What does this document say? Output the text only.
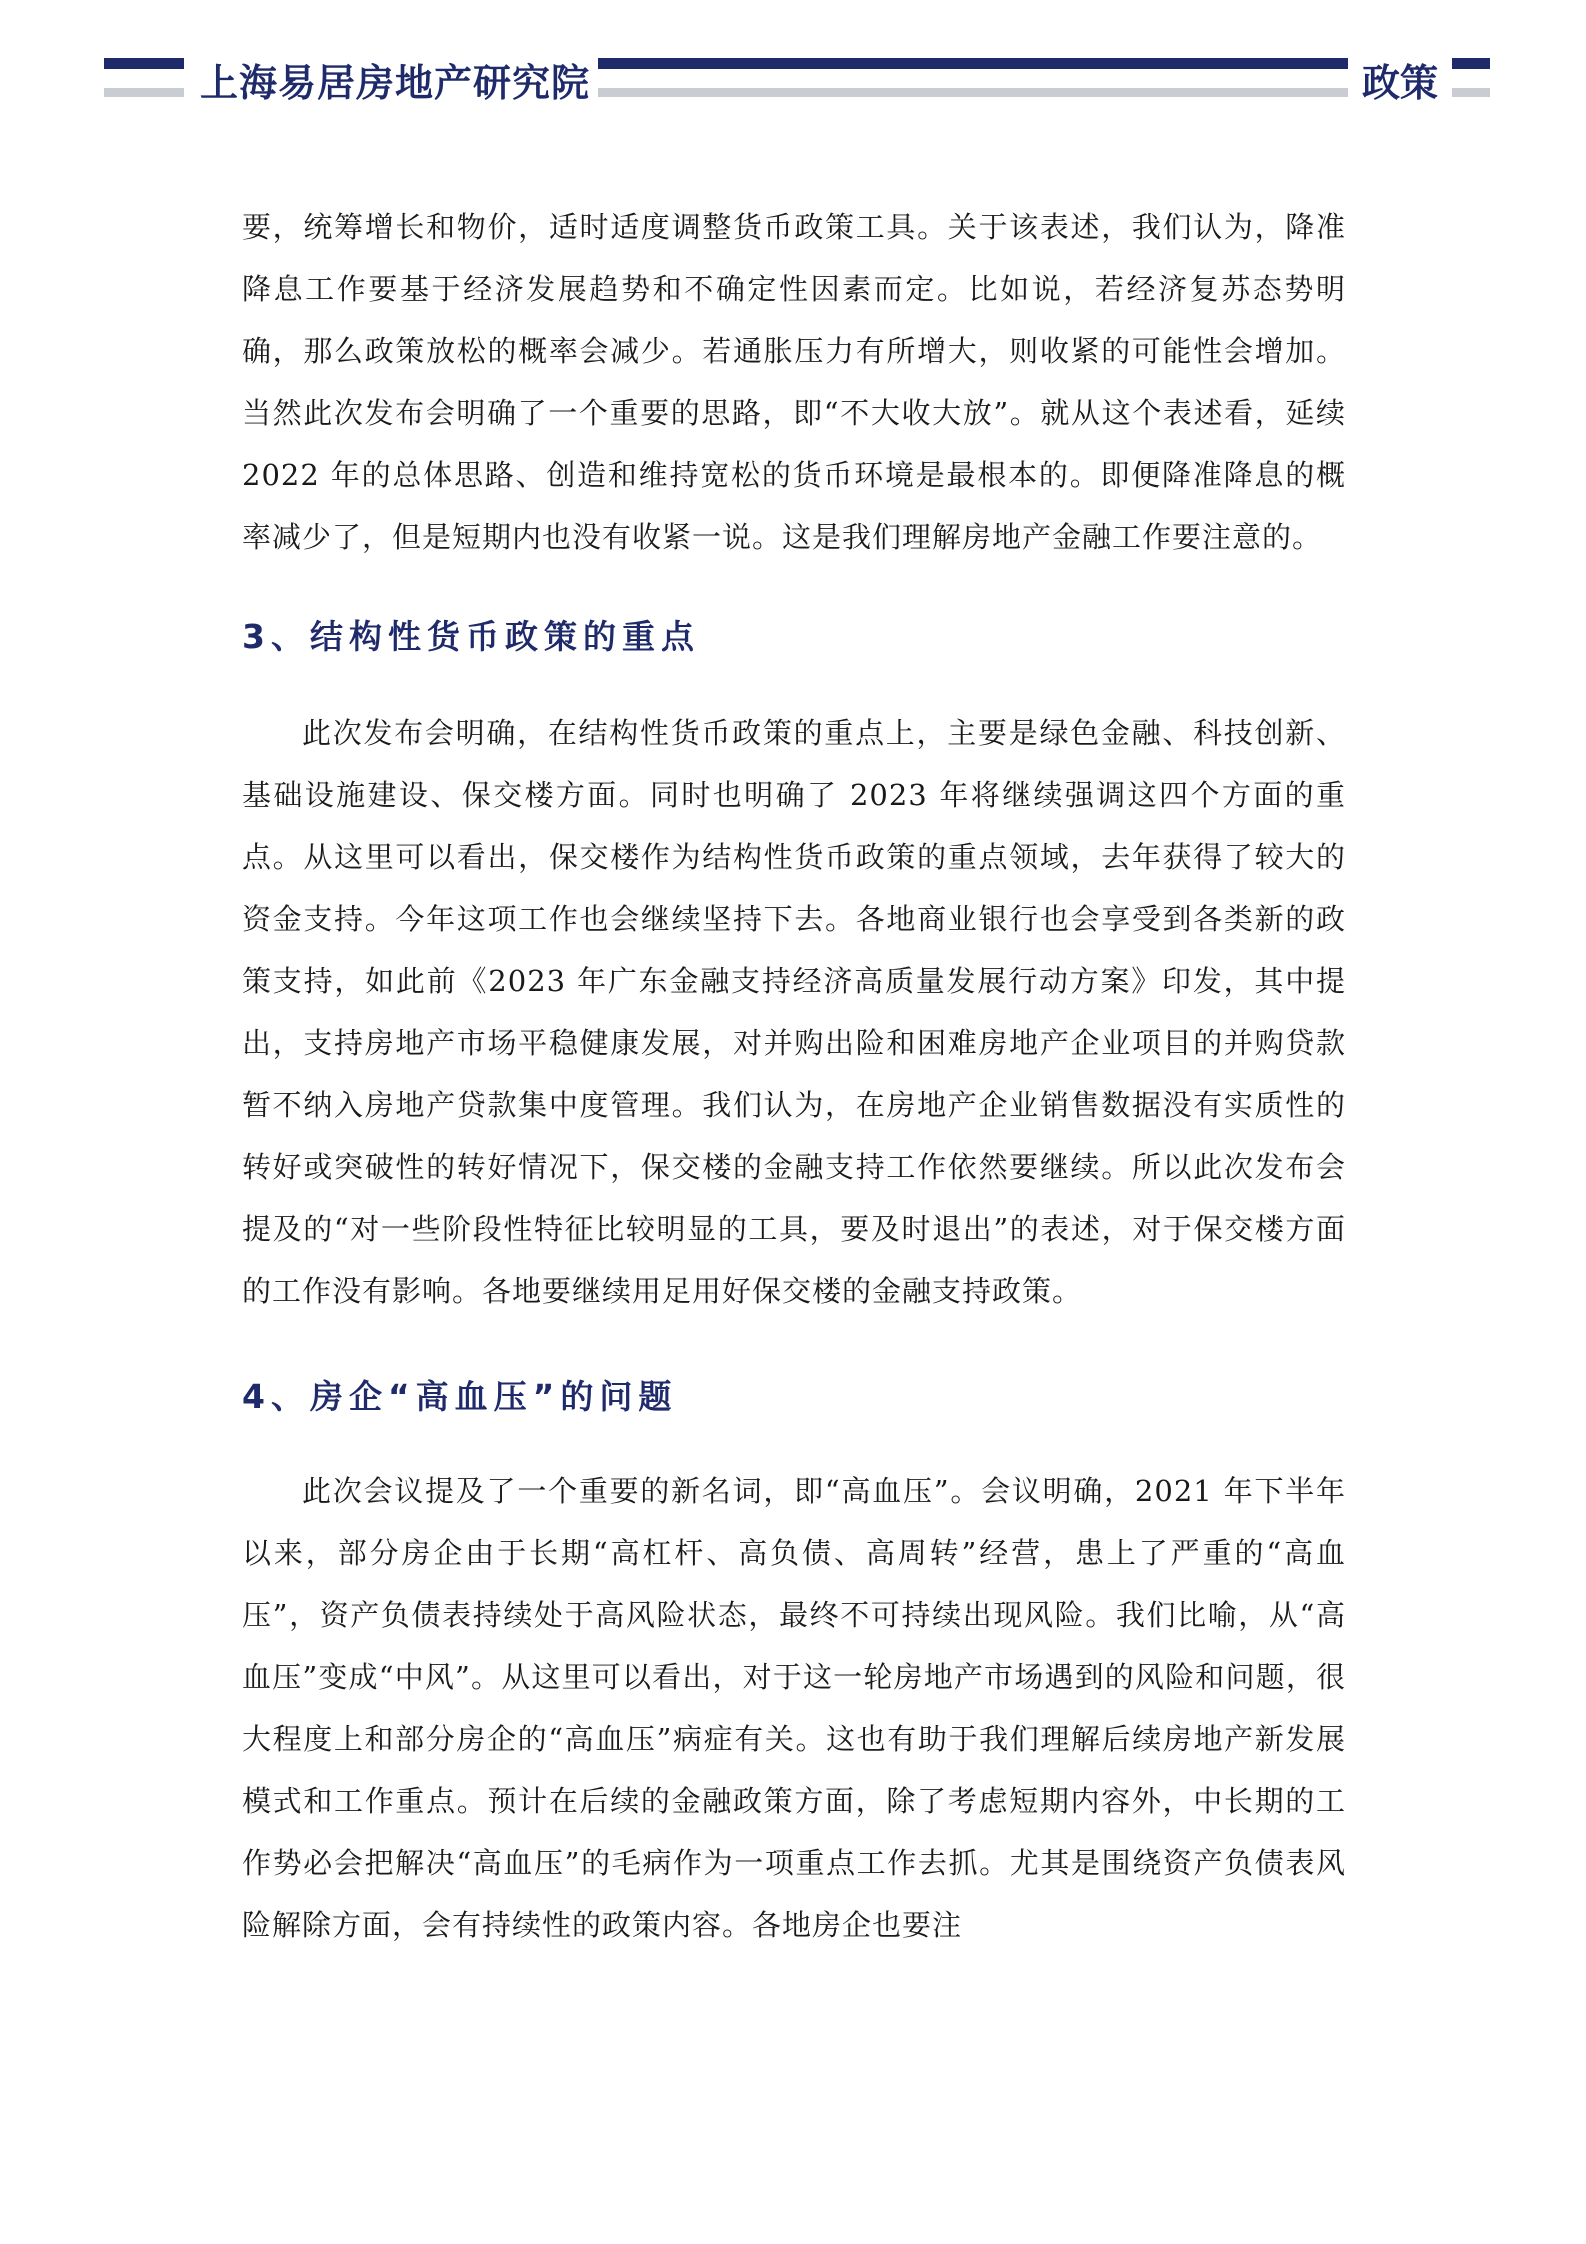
上海易居房地产研究院	政策

要，统筹增长和物价，适时适度调整货币政策工具。关于该表述，我们认为，降准降息工作要基于经济发展趋势和不确定性因素而定。比如说，若经济复苏态势明确，那么政策放松的概率会减少。若通胀压力有所增大，则收紧的可能性会增加。当然此次发布会明确了一个重要的思路，即“不大收大放”。就从这个表述看，延续 2022 年的总体思路、创造和维持宽松的货币环境是最根本的。即便降准降息的概率减少了，但是短期内也没有收紧一说。这是我们理解房地产金融工作要注意的。

3、结构性货币政策的重点

此次发布会明确，在结构性货币政策的重点上，主要是绿色金融、科技创新、基础设施建设、保交楼方面。同时也明确了 2023 年将继续强调这四个方面的重点。从这里可以看出，保交楼作为结构性货币政策的重点领域，去年获得了较大的资金支持。今年这项工作也会继续坚持下去。各地商业银行也会享受到各类新的政策支持，如此前《2023 年广东金融支持经济高质量发展行动方案》印发，其中提出，支持房地产市场平稳健康发展，对并购出险和困难房地产企业项目的并购贷款暂不纳入房地产贷款集中度管理。我们认为，在房地产企业销售数据没有实质性的转好或突破性的转好情况下，保交楼的金融支持工作依然要继续。所以此次发布会提及的“对一些阶段性特征比较明显的工具，要及时退出”的表述，对于保交楼方面的工作没有影响。各地要继续用足用好保交楼的金融支持政策。

4、房企“高血压”的问题

此次会议提及了一个重要的新名词，即“高血压”。会议明确，2021 年下半年以来，部分房企由于长期“高杠杆、高负债、高周转”经营，患上了严重的“高血压”，资产负债表持续处于高风险状态，最终不可持续出现风险。我们比喻，从“高血压”变成“中风”。从这里可以看出，对于这一轮房地产市场遇到的风险和问题，很大程度上和部分房企的“高血压”病症有关。这也有助于我们理解后续房地产新发展模式和工作重点。预计在后续的金融政策方面，除了考虑短期内容外，中长期的工作势必会把解决“高血压”的毛病作为一项重点工作去抓。尤其是围绕资产负债表风险解除方面，会有持续性的政策内容。各地房企也要注
